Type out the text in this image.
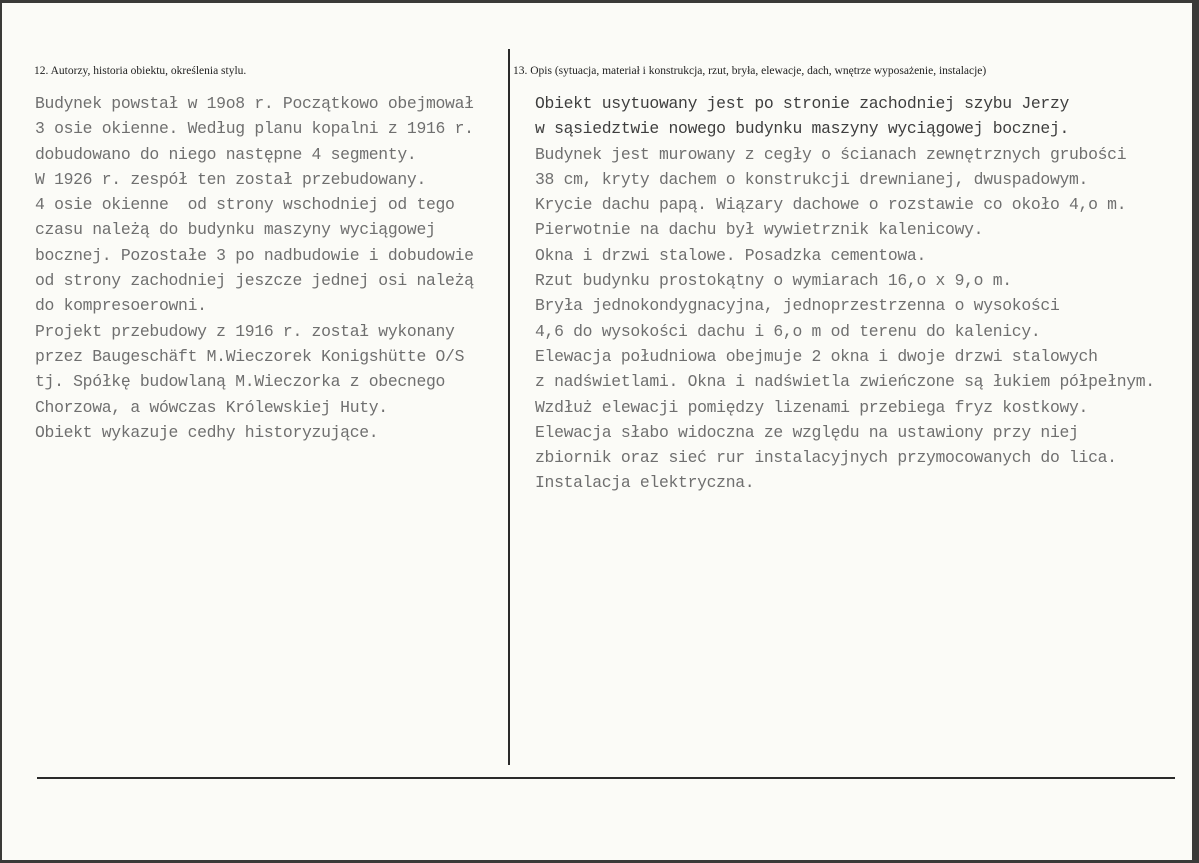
12. Autorzy, historia obiektu, określenia stylu.	13. Opis (sytuacja, materiał i konstrukcja, rzut, bryła, elewacje, dach, wnętrze wyposażenie, instalacje)
Budynek powstał w 19o8 r. Początkowo obejmował
3 osie okienne. Według planu kopalni z 1916 r.
dobudowano do niego następne 4 segmenty.
W 1926 r. zespół ten został przebudowany.
4 osie okienne  od strony wschodniej od tego
czasu należą do budynku maszyny wyciągowej
bocznej. Pozostałe 3 po nadbudowie i dobudowie
od strony zachodniej jeszcze jednej osi należą
do kompresoerowni.
Projekt przebudowy z 1916 r. został wykonany
przez Baugeschäft M.Wieczorek Konigshütte O/S
tj. Spółkę budowlaną M.Wieczorka z obecnego
Chorzowa, a wówczas Królewskiej Huty.
Obiekt wykazuje cedhy historyzujące.
Obiekt usytuowany jest po stronie zachodniej szybu Jerzy
w sąsiedztwie nowego budynku maszyny wyciągowej bocznej.
Budynek jest murowany z cegły o ścianach zewnętrznych grubości
38 cm, kryty dachem o konstrukcji drewnianej, dwuspadowym.
Krycie dachu papą. Wiązary dachowe o rozstawie co około 4,o m.
Pierwotnie na dachu był wywietrznik kalenicowy.
Okna i drzwi stalowe. Posadzka cementowa.
Rzut budynku prostokątny o wymiarach 16,o x 9,o m.
Bryła jednokondygnacyjna, jednoprzestrzenna o wysokości
4,6 do wysokości dachu i 6,o m od terenu do kalenicy.
Elewacja południowa obejmuje 2 okna i dwoje drzwi stalowych
z nadświetlami. Okna i nadświetla zwieńczone są łukiem półpełnym.
Wzdłuż elewacji pomiędzy lizenami przebiega fryz kostkowy.
Elewacja słabo widoczna ze względu na ustawiony przy niej
zbiornik oraz sieć rur instalacyjnych przymocowanych do lica.
Instalacja elektryczna.
